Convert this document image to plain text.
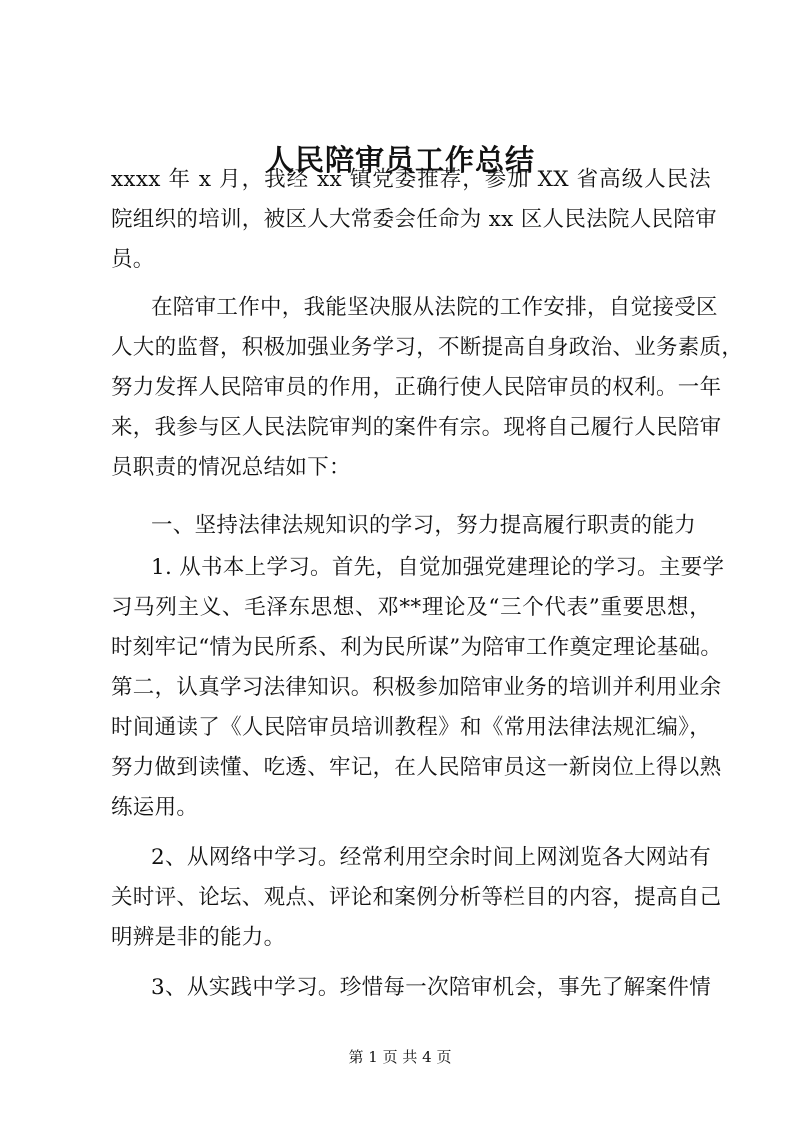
人民陪审员工作总结
xxxx 年 x 月，我经 xx 镇党委推荐，参加 XX 省高级人民法
院组织的培训，被区人大常委会任命为 xx 区人民法院人民陪审
员。
在陪审工作中，我能坚决服从法院的工作安排，自觉接受区
人大的监督，积极加强业务学习，不断提高自身政治、业务素质，
努力发挥人民陪审员的作用，正确行使人民陪审员的权利。一年
来，我参与区人民法院审判的案件有宗。现将自己履行人民陪审
员职责的情况总结如下：
一、坚持法律法规知识的学习，努力提高履行职责的能力
1. 从书本上学习。首先，自觉加强党建理论的学习。主要学
习马列主义、毛泽东思想、邓**理论及“三个代表”重要思想，
时刻牢记“情为民所系、利为民所谋”为陪审工作奠定理论基础。
第二，认真学习法律知识。积极参加陪审业务的培训并利用业余
时间通读了《人民陪审员培训教程》和《常用法律法规汇编》，
努力做到读懂、吃透、牢记，在人民陪审员这一新岗位上得以熟
练运用。
2、从网络中学习。经常利用空余时间上网浏览各大网站有
关时评、论坛、观点、评论和案例分析等栏目的内容，提高自己
明辨是非的能力。
3、从实践中学习。珍惜每一次陪审机会，事先了解案件情
第 1 页 共 4 页
